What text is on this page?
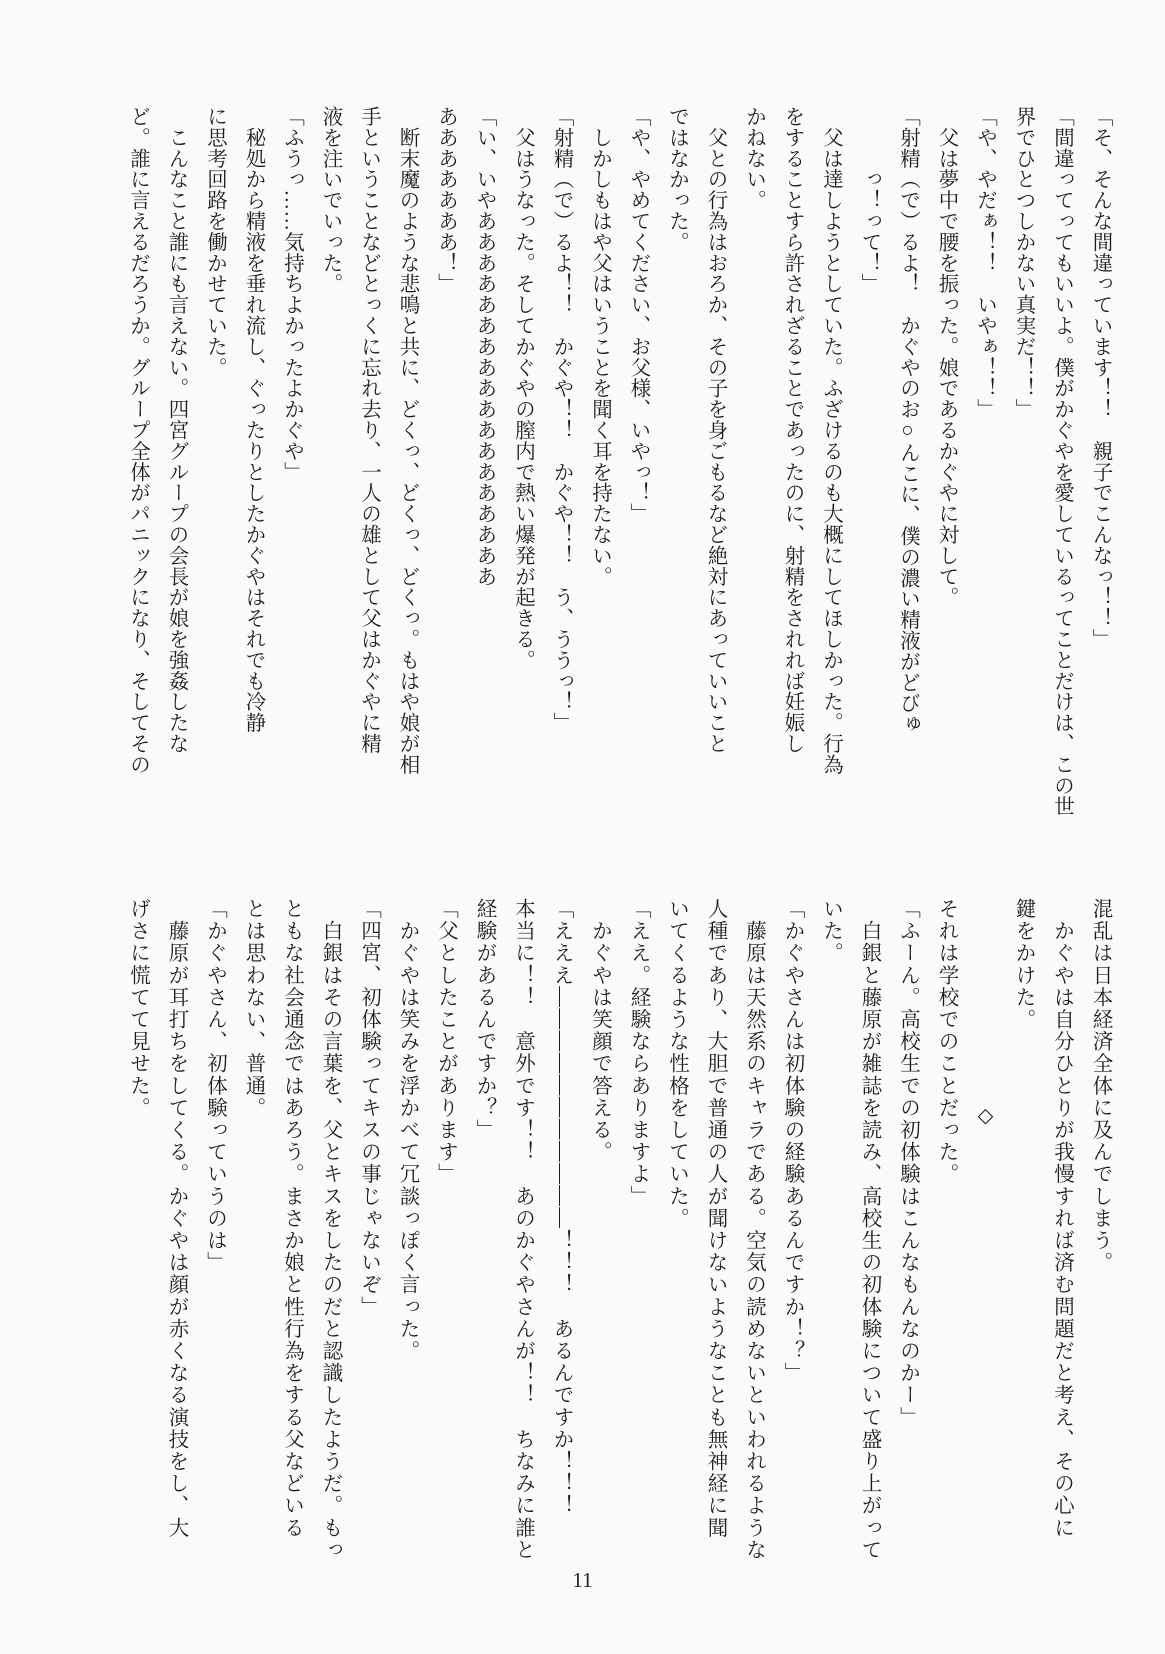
「そ、そんな間違っています！！　親子でこんなっ！！」

「間違ってってもいいよ。僕がかぐやを愛しているってことだけは、この世

界でひとつしかない真実だ！！」

「や、やだぁ！！　いやぁ！！」

　父は夢中で腰を振った。娘であるかぐやに対して。

「射精（で）るよ！　かぐやのお○んこに、僕の濃い精液がどびゅ

　　　っ！って！」

　父は達しようとしていた。ふざけるのも大概にしてほしかった。行為

をすることすら許されざることであったのに、射精をされれば妊娠し

かねない。

　父との行為はおろか、その子を身ごもるなど絶対にあっていいこと

ではなかった。

「や、やめてください、お父様、いやっ！」

　しかしもはや父はいうことを聞く耳を持たない。

「射精（で）るよ！！　かぐや！！　かぐや！！　う、ううっ！」

　父はうなった。そしてかぐやの膣内で熱い爆発が起きる。

「い、いやああああああああああああああああああ

あああああああ！」

　断末魔のような悲鳴と共に、どくっ、どくっ、どくっ。もはや娘が相

手ということなどとっくに忘れ去り、一人の雄として父はかぐやに精

液を注いでいった。

「ふうっ……気持ちよかったよかぐや」

　秘処から精液を垂れ流し、ぐったりとしたかぐやはそれでも冷静

に思考回路を働かせていた。

　こんなこと誰にも言えない。四宮グループの会長が娘を強姦したな

ど。誰に言えるだろうか。グループ全体がパニックになり、そしてその

混乱は日本経済全体に及んでしまう。

　かぐやは自分ひとりが我慢すれば済む問題だと考え、その心に

鍵をかけた。

◇

それは学校でのことだった。

「ふーん。高校生での初体験はこんなもんなのかー」

　白銀と藤原が雑誌を読み、高校生の初体験について盛り上がって

いた。

「かぐやさんは初体験の経験あるんですか！？」

　藤原は天然系のキャラである。空気の読めないといわれるような

人種であり、大胆で普通の人が聞けないようなことも無神経に聞

いてくるような性格をしていた。

「ええ。経験ならありますよ」

　かぐやは笑顔で答える。

「えええ―――――――――――！！！　あるんですか！！！

本当に！！　意外です！！　あのかぐやさんが！！　ちなみに誰と

経験があるんですか？」

「父としたことがあります」

　かぐやは笑みを浮かべて冗談っぽく言った。

「四宮、初体験ってキスの事じゃないぞ」

　白銀はその言葉を、父とキスをしたのだと認識したようだ。もっ

ともな社会通念ではあろう。まさか娘と性行為をする父などいる

とは思わない、普通。

「かぐやさん、初体験っていうのは」

　藤原が耳打ちをしてくる。かぐやは顔が赤くなる演技をし、大

げさに慌てて見せた。

11
